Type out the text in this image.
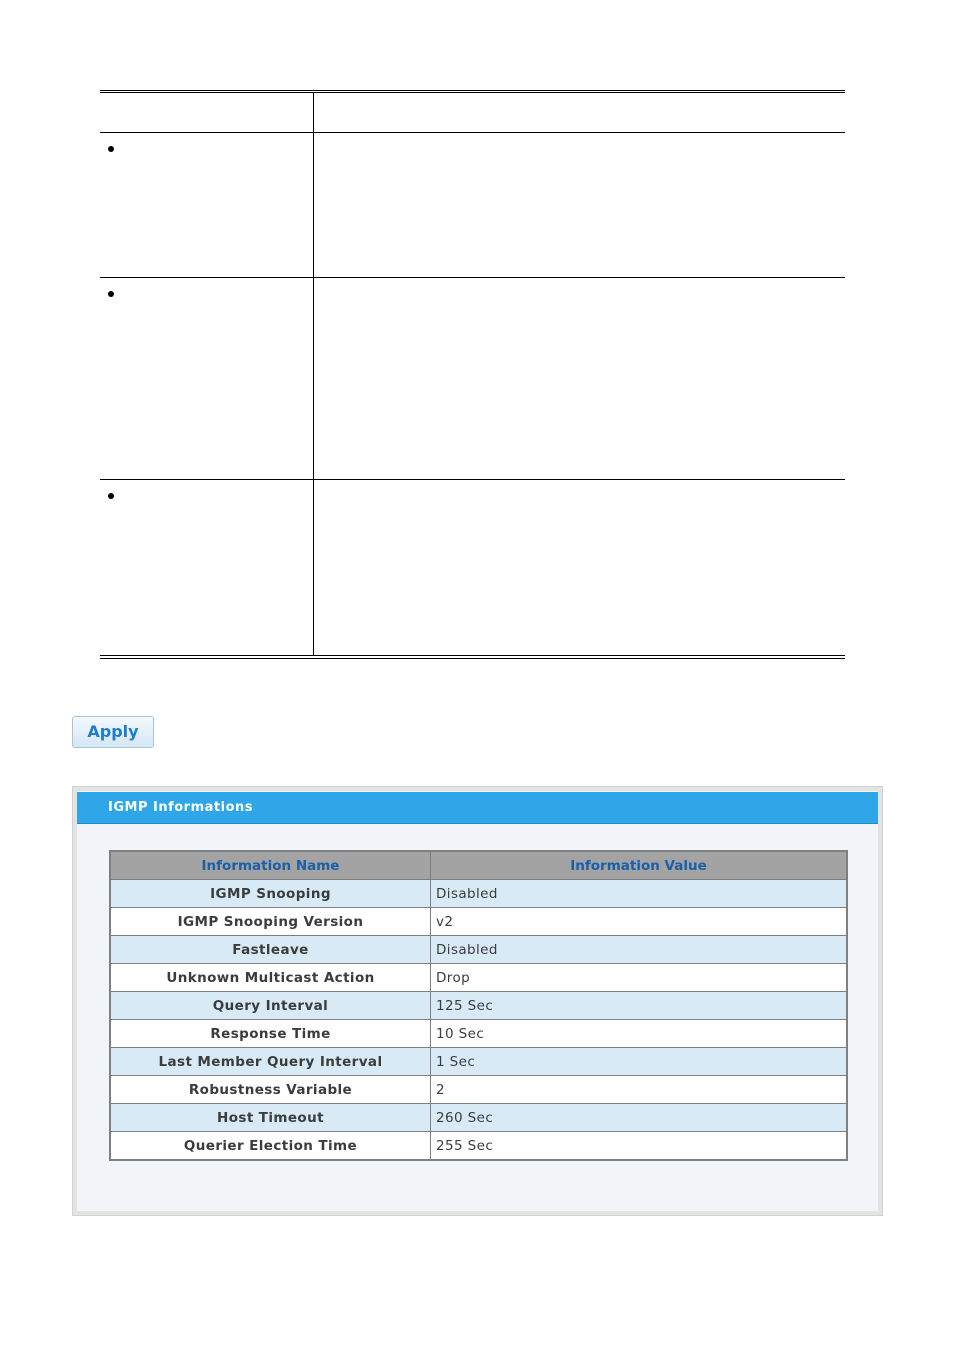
Apply
IGMP Informations
Information Name	Information Value
IGMP Snooping	Disabled
IGMP Snooping Version	v2
Fastleave	Disabled
Unknown Multicast Action	Drop
Query Interval	125 Sec
Response Time	10 Sec
Last Member Query Interval	1 Sec
Robustness Variable	2
Host Timeout	260 Sec
Querier Election Time	255 Sec
